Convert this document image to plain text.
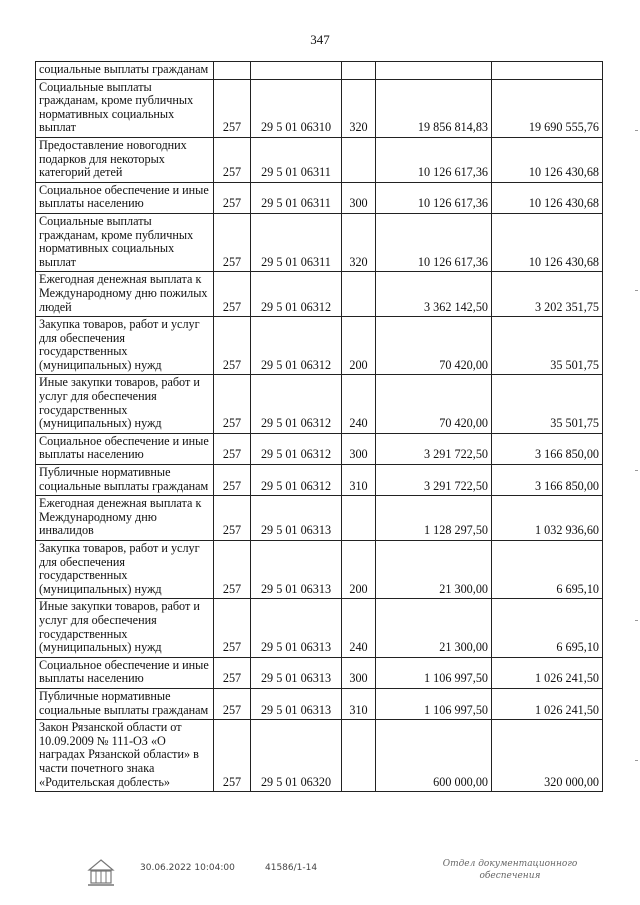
347
социальные выплаты гражданам					
Социальные выплаты гражданам, кроме публичных нормативных социальных выплат	257	29 5 01 06310	320	19 856 814,83	19 690 555,76
Предоставление новогодних подарков для некоторых категорий детей	257	29 5 01 06311		10 126 617,36	10 126 430,68
Социальное обеспечение и иные выплаты населению	257	29 5 01 06311	300	10 126 617,36	10 126 430,68
Социальные выплаты гражданам, кроме публичных нормативных социальных выплат	257	29 5 01 06311	320	10 126 617,36	10 126 430,68
Ежегодная денежная выплата к Международному дню пожилых людей	257	29 5 01 06312		3 362 142,50	3 202 351,75
Закупка товаров, работ и услуг для обеспечения государственных (муниципальных) нужд	257	29 5 01 06312	200	70 420,00	35 501,75
Иные закупки товаров, работ и услуг для обеспечения государственных (муниципальных) нужд	257	29 5 01 06312	240	70 420,00	35 501,75
Социальное обеспечение и иные выплаты населению	257	29 5 01 06312	300	3 291 722,50	3 166 850,00
Публичные нормативные социальные выплаты гражданам	257	29 5 01 06312	310	3 291 722,50	3 166 850,00
Ежегодная денежная выплата к Международному дню инвалидов	257	29 5 01 06313		1 128 297,50	1 032 936,60
Закупка товаров, работ и услуг для обеспечения государственных (муниципальных) нужд	257	29 5 01 06313	200	21 300,00	6 695,10
Иные закупки товаров, работ и услуг для обеспечения государственных (муниципальных) нужд	257	29 5 01 06313	240	21 300,00	6 695,10
Социальное обеспечение и иные выплаты населению	257	29 5 01 06313	300	1 106 997,50	1 026 241,50
Публичные нормативные социальные выплаты гражданам	257	29 5 01 06313	310	1 106 997,50	1 026 241,50
Закон Рязанской области от 10.09.2009 № 111-ОЗ «О наградах Рязанской области» в части почетного знака «Родительская доблесть»	257	29 5 01 06320		600 000,00	320 000,00
30.06.2022 10:04:00	41586/1-14	Отдел документационного обеспечения
